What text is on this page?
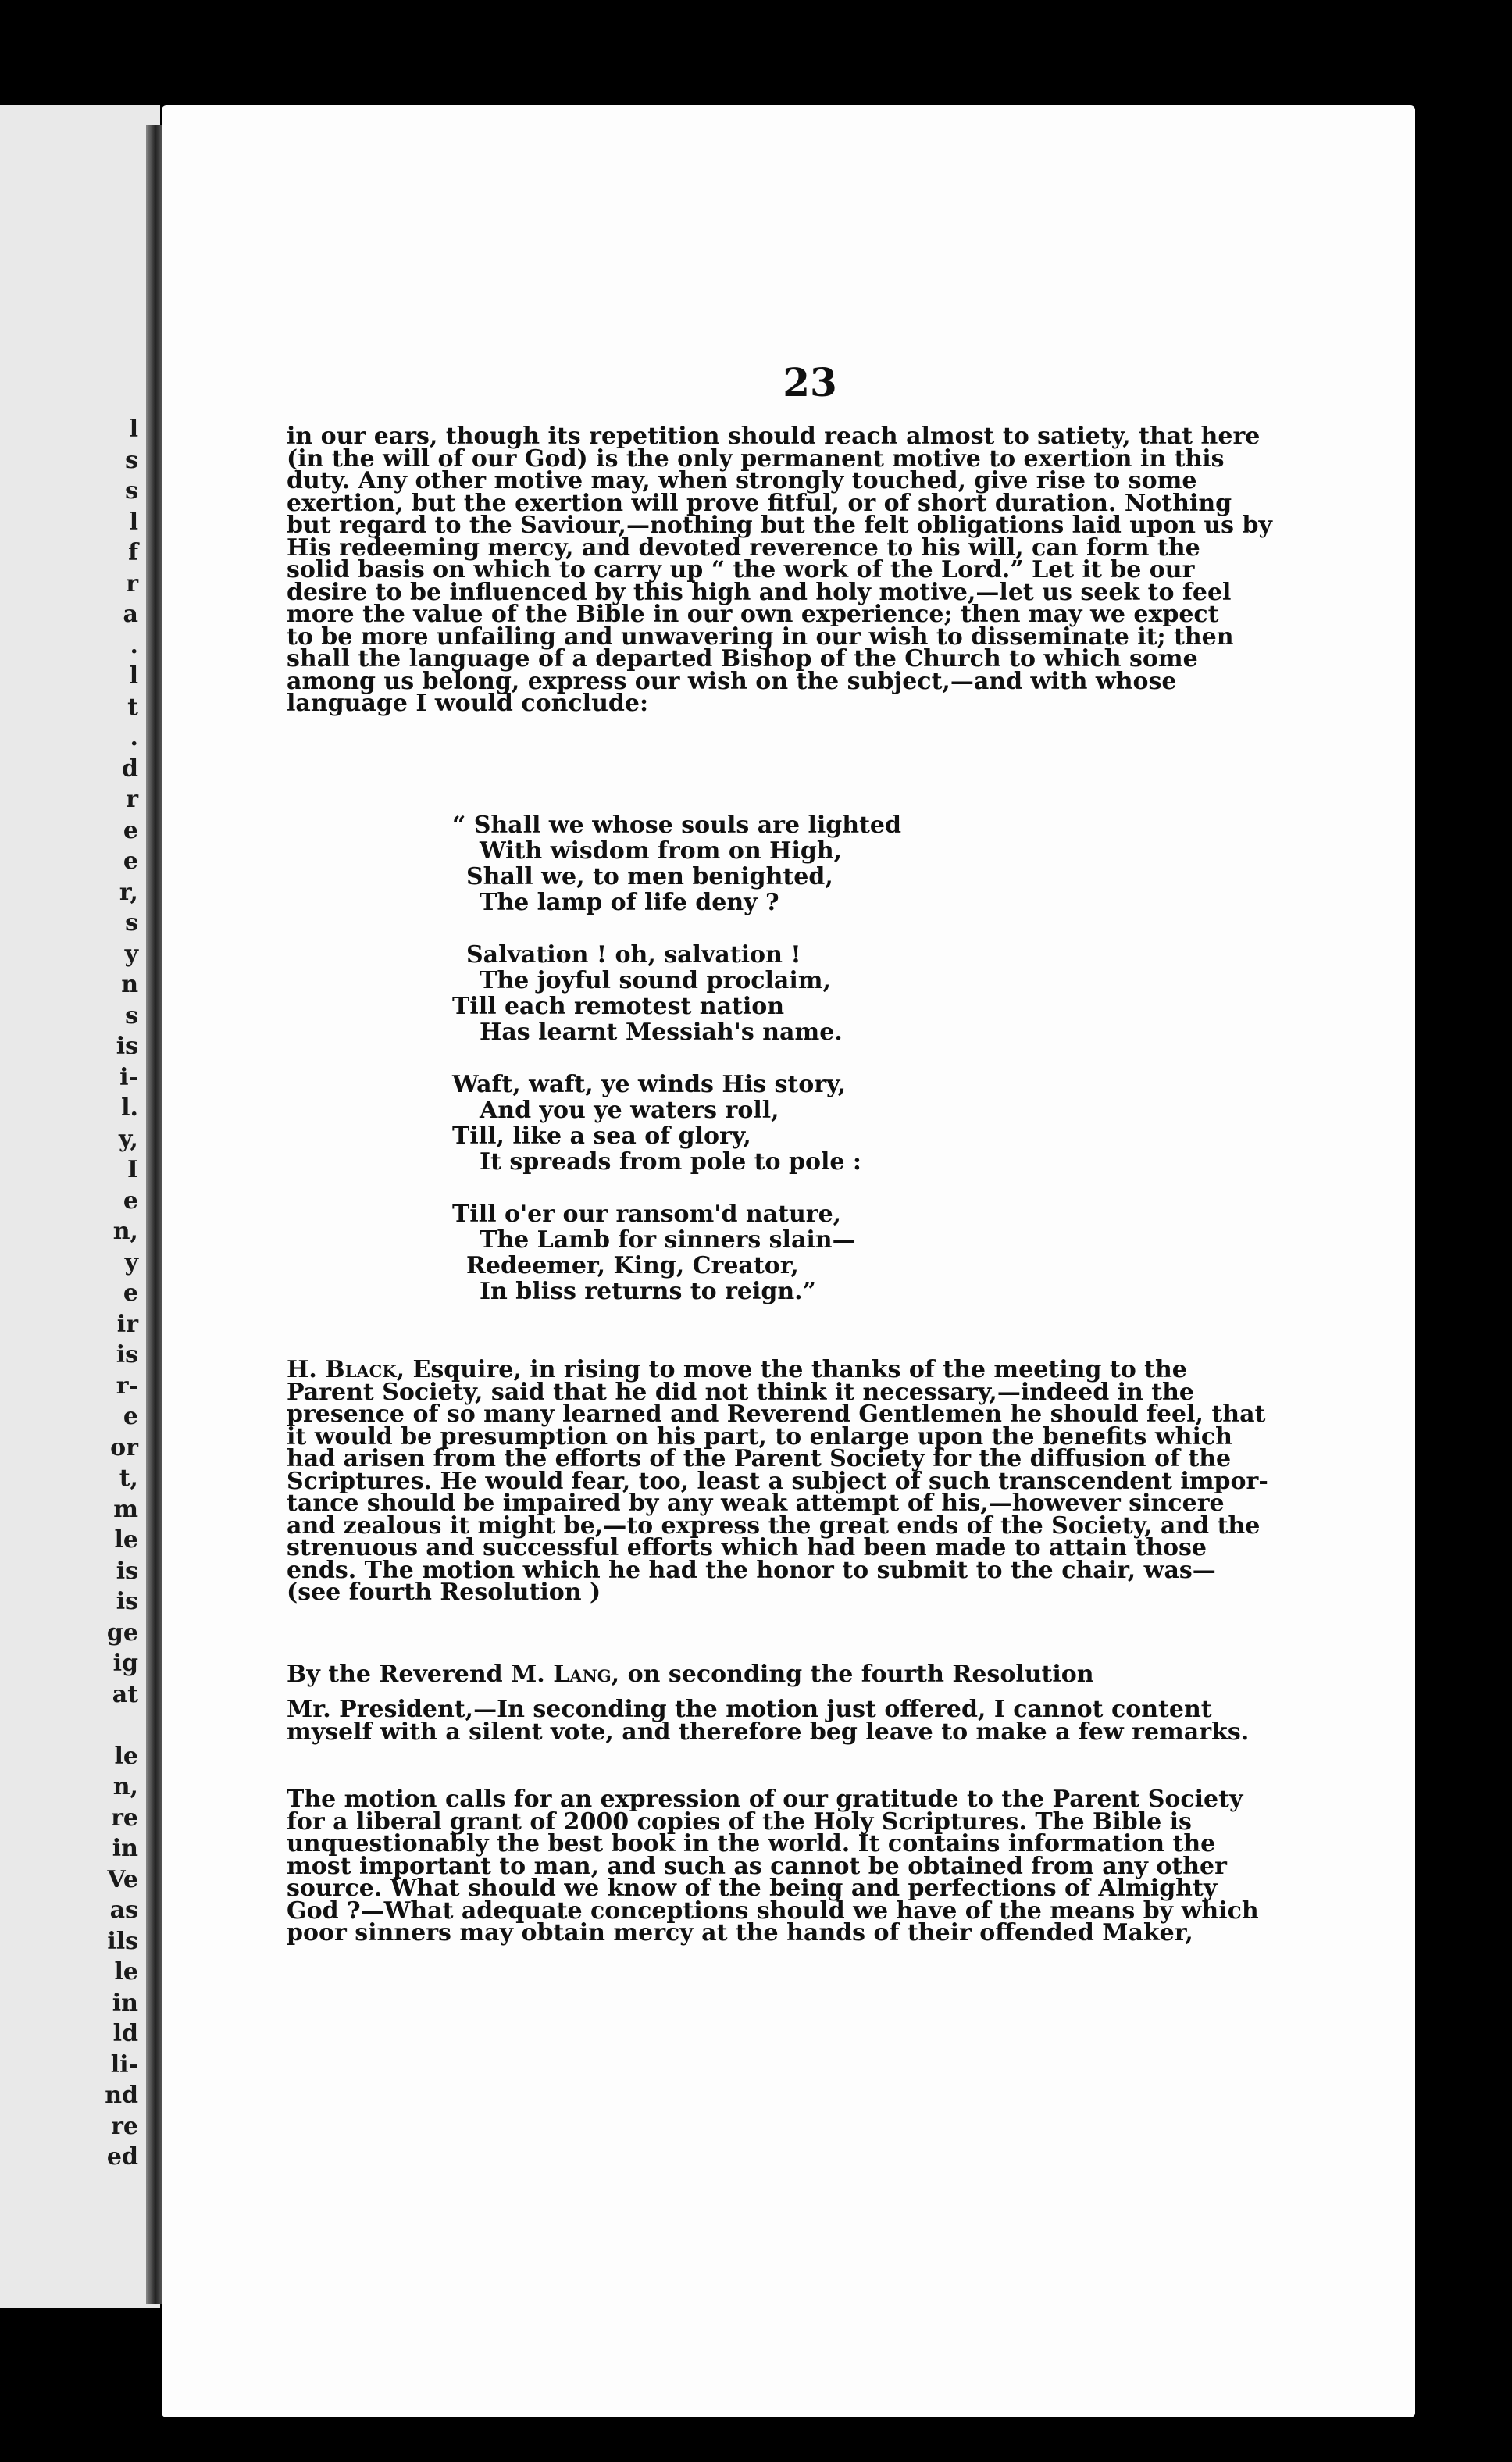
l
s
s
l
f
r
a
.
l
t
.
d
r
e
e
r,
s
y
n
s
is
i-
l.
y,
I
e
n,
y
e
ir
is
r-
e
or
t,
m
le
is
is
ge
ig
at
le
n,
re
in
Ve
as
ils
le
in
ld
li-
nd
re
ed
23
in our ears, though its repetition should reach almost to satiety, that here
(in the will of our God) is the only permanent motive to exertion in this
duty. Any other motive may, when strongly touched, give rise to some
exertion, but the exertion will prove fitful, or of short duration. Nothing
but regard to the Saviour,—nothing but the felt obligations laid upon us by
His redeeming mercy, and devoted reverence to his will, can form the
solid basis on which to carry up “ the work of the Lord.” Let it be our
desire to be influenced by this high and holy motive,—let us seek to feel
more the value of the Bible in our own experience; then may we expect
to be more unfailing and unwavering in our wish to disseminate it; then
shall the language of a departed Bishop of the Church to which some
among us belong, express our wish on the subject,—and with whose
language I would conclude:
“ Shall we whose souls are lighted
With wisdom from on High,
Shall we, to men benighted,
The lamp of life deny ?
Salvation ! oh, salvation !
The joyful sound proclaim,
Till each remotest nation
Has learnt Messiah's name.
Waft, waft, ye winds His story,
And you ye waters roll,
Till, like a sea of glory,
It spreads from pole to pole :
Till o'er our ransom'd nature,
The Lamb for sinners slain—
Redeemer, King, Creator,
In bliss returns to reign.”
H. Black, Esquire, in rising to move the thanks of the meeting to the
Parent Society, said that he did not think it necessary,—indeed in the
presence of so many learned and Reverend Gentlemen he should feel, that
it would be presumption on his part, to enlarge upon the benefits which
had arisen from the efforts of the Parent Society for the diffusion of the
Scriptures. He would fear, too, least a subject of such transcendent impor-
tance should be impaired by any weak attempt of his,—however sincere
and zealous it might be,—to express the great ends of the Society, and the
strenuous and successful efforts which had been made to attain those
ends. The motion which he had the honor to submit to the chair, was—
(see fourth Resolution )
By the Reverend M. Lang, on seconding the fourth Resolution
Mr. President,—In seconding the motion just offered, I cannot content
myself with a silent vote, and therefore beg leave to make a few remarks.
The motion calls for an expression of our gratitude to the Parent Society
for a liberal grant of 2000 copies of the Holy Scriptures. The Bible is
unquestionably the best book in the world. It contains information the
most important to man, and such as cannot be obtained from any other
source. What should we know of the being and perfections of Almighty
God ?—What adequate conceptions should we have of the means by which
poor sinners may obtain mercy at the hands of their offended Maker,
